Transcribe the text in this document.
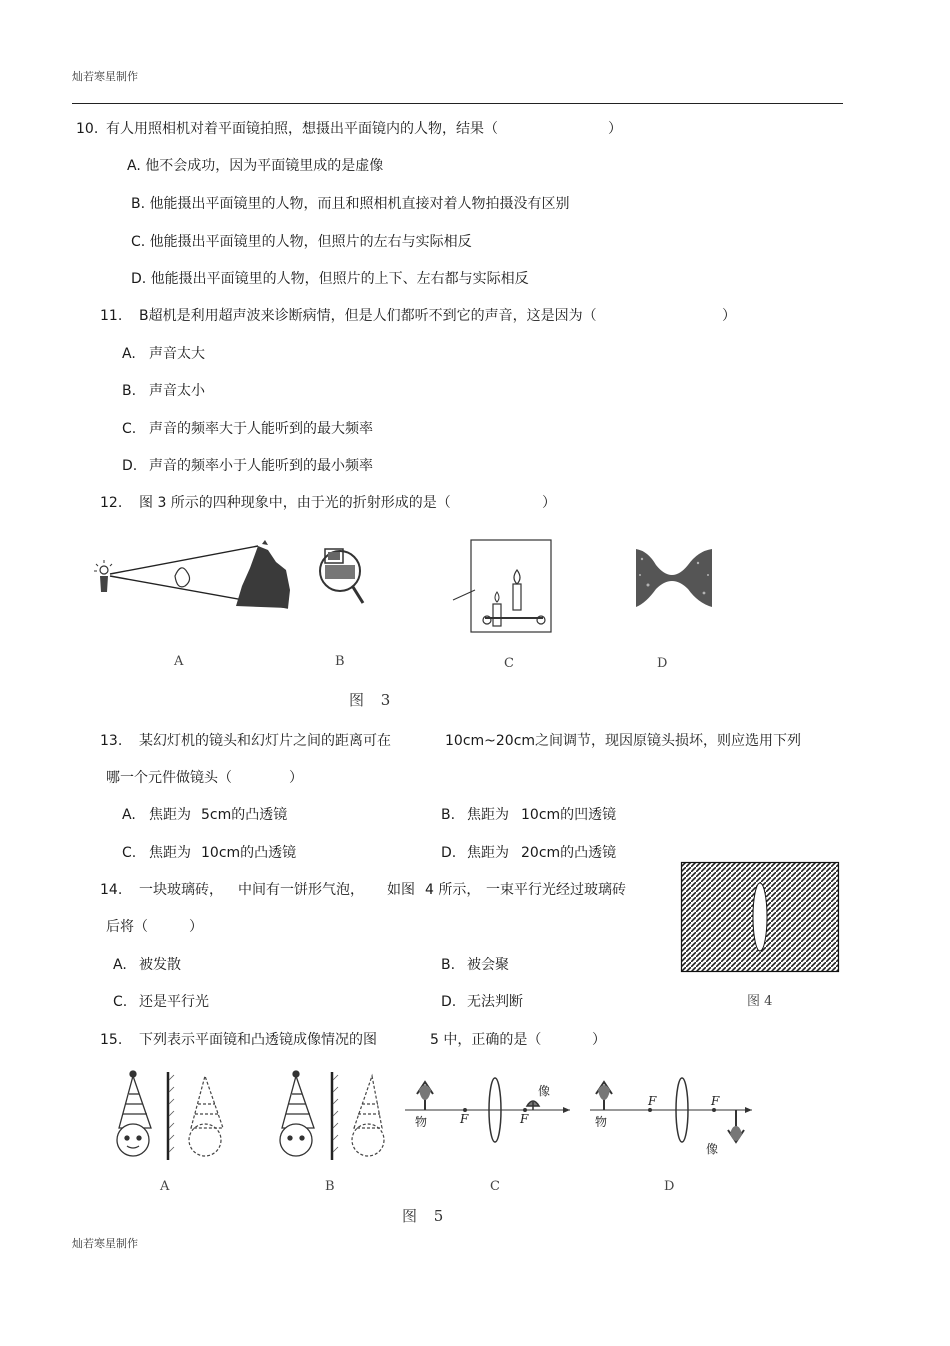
灿若寒星制作
10. 有人用照相机对着平面镜拍照，想摄出平面镜内的人物，结果（	）
A. 他不会成功，因为平面镜里成的是虚像
B. 他能摄出平面镜里的人物，而且和照相机直接对着人物拍摄没有区别
C. 他能摄出平面镜里的人物，但照片的左右与实际相反
D. 他能摄出平面镜里的人物，但照片的上下、左右都与实际相反
11. B超机是利用超声波来诊断病情，但是人们都听不到它的声音，这是因为（	）
A. 声音太大
B. 声音太小
C. 声音的频率大于人能听到的最大频率
D. 声音的频率小于人能听到的最小频率
12. 图 3 所示的四种现象中，由于光的折射形成的是（	）
A	B	C	D
图 3
13. 某幻灯机的镜头和幻灯片之间的距离可在	10cm~20cm之间调节，现因原镜头损坏，则应选用下列
哪一个元件做镜头（	）
A. 焦距为 5cm的凸透镜	B. 焦距为 10cm的凹透镜
C. 焦距为 10cm的凸透镜	D. 焦距为 20cm的凸透镜
14. 一块玻璃砖， 中间有一饼形气泡， 如图 4 所示， 一束平行光经过玻璃砖
后将（	）
A. 被发散	B. 被会聚
C. 还是平行光	D. 无法判断	图 4
15. 下列表示平面镜和凸透镜成像情况的图	5 中，正确的是（	）
物
像
F	F	物
像
F	F
A	B	C	D
图 5
灿若寒星制作
